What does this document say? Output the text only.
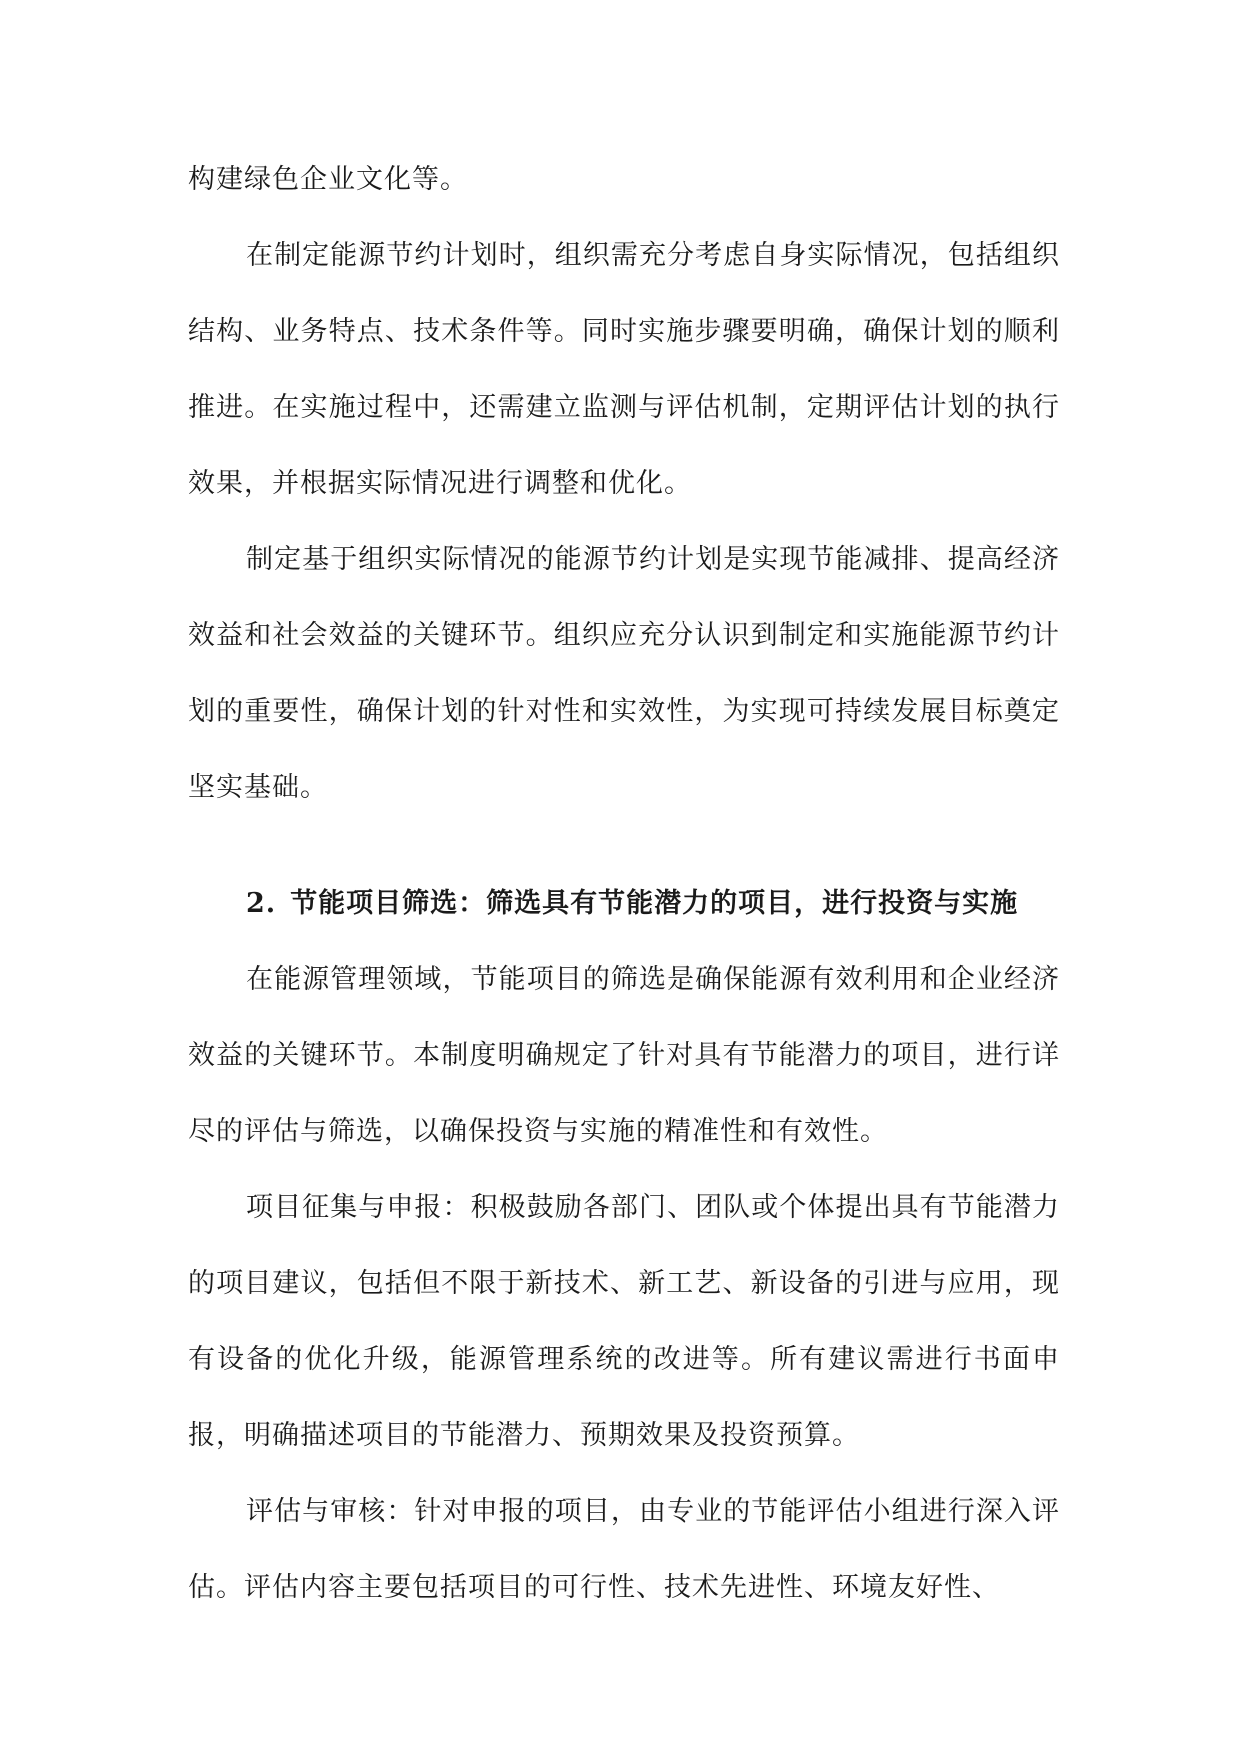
构建绿色企业文化等。

在制定能源节约计划时，组织需充分考虑自身实际情况，包括组织结构、业务特点、技术条件等。同时实施步骤要明确，确保计划的顺利推进。在实施过程中，还需建立监测与评估机制，定期评估计划的执行效果，并根据实际情况进行调整和优化。

制定基于组织实际情况的能源节约计划是实现节能减排、提高经济效益和社会效益的关键环节。组织应充分认识到制定和实施能源节约计划的重要性，确保计划的针对性和实效性，为实现可持续发展目标奠定坚实基础。

2. 节能项目筛选：筛选具有节能潜力的项目，进行投资与实施

在能源管理领域，节能项目的筛选是确保能源有效利用和企业经济效益的关键环节。本制度明确规定了针对具有节能潜力的项目，进行详尽的评估与筛选，以确保投资与实施的精准性和有效性。

项目征集与申报：积极鼓励各部门、团队或个体提出具有节能潜力的项目建议，包括但不限于新技术、新工艺、新设备的引进与应用，现有设备的优化升级，能源管理系统的改进等。所有建议需进行书面申报，明确描述项目的节能潜力、预期效果及投资预算。

评估与审核：针对申报的项目，由专业的节能评估小组进行深入评估。评估内容主要包括项目的可行性、技术先进性、环境友好性、
